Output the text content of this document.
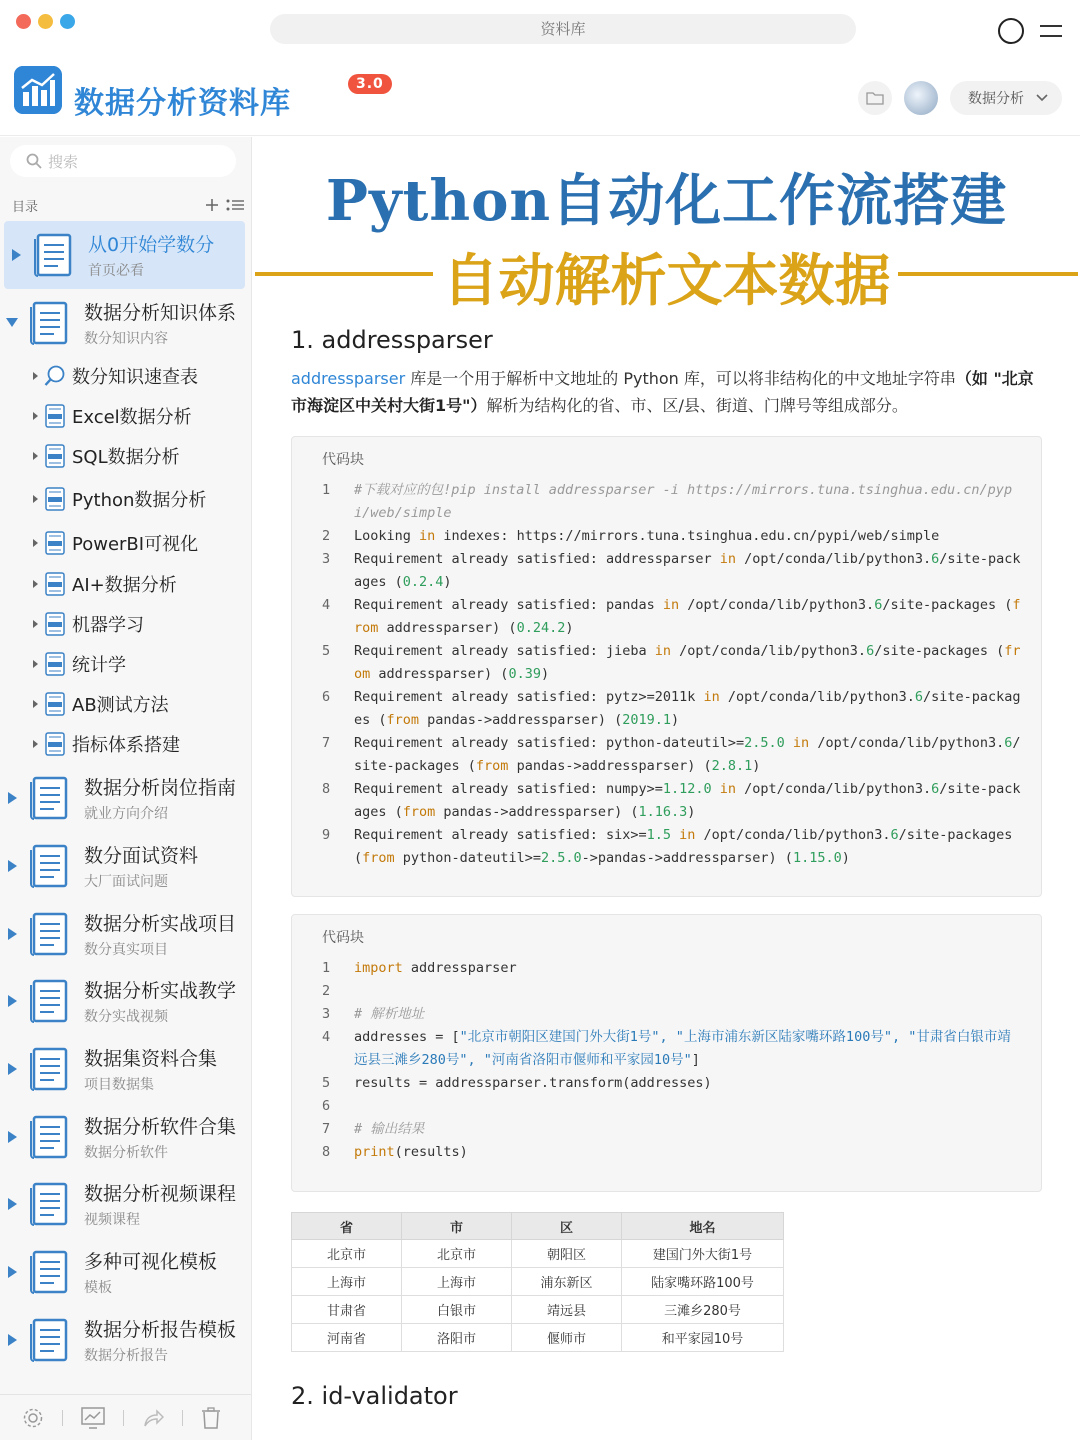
资料库
数据分析资料库
3.0
数据分析
搜索
目录
从0开始学数分
首页必看
数据分析知识体系
数分知识内容
数分知识速查表
Excel数据分析
SQL数据分析
Python数据分析
PowerBI可视化
AI+数据分析
机器学习
统计学
AB测试方法
指标体系搭建
数据分析岗位指南
就业方向介绍
数分面试资料
大厂面试问题
数据分析实战项目
数分真实项目
数据分析实战教学
数分实战视频
数据集资料合集
项目数据集
数据分析软件合集
数据分析软件
数据分析视频课程
视频课程
多种可视化模板
模板
数据分析报告模板
数据分析报告
Python自动化工作流搭建
自动解析文本数据
1. addressparser
addressparser 库是一个用于解析中文地址的 Python 库，可以将非结构化的中文地址字符串（如 "北京市海淀区中关村大街1号"）解析为结构化的省、市、区/县、街道、门牌号等组成部分。
代码块
1	#下载对应的包!pip install addressparser -i https://mirrors.tuna.tsinghua.edu.cn/pypi/web/simple
2	Looking in indexes: https://mirrors.tuna.tsinghua.edu.cn/pypi/web/simple
3	Requirement already satisfied: addressparser in /opt/conda/lib/python3.6/site-packages (0.2.4)
4	Requirement already satisfied: pandas in /opt/conda/lib/python3.6/site-packages (from addressparser) (0.24.2)
5	Requirement already satisfied: jieba in /opt/conda/lib/python3.6/site-packages (from addressparser) (0.39)
6	Requirement already satisfied: pytz>=2011k in /opt/conda/lib/python3.6/site-packages (from pandas->addressparser) (2019.1)
7	Requirement already satisfied: python-dateutil>=2.5.0 in /opt/conda/lib/python3.6/site-packages (from pandas->addressparser) (2.8.1)
8	Requirement already satisfied: numpy>=1.12.0 in /opt/conda/lib/python3.6/site-packages (from pandas->addressparser) (1.16.3)
9	Requirement already satisfied: six>=1.5 in /opt/conda/lib/python3.6/site-packages (from python-dateutil>=2.5.0->pandas->addressparser) (1.15.0)
代码块
1	import addressparser
2
3	# 解析地址
4	addresses = ["北京市朝阳区建国门外大街1号", "上海市浦东新区陆家嘴环路100号", "甘肃省白银市靖远县三滩乡280号", "河南省洛阳市偃师和平家园10号"]
5	results = addressparser.transform(addresses)
6
7	# 输出结果
8	print(results)
省	市	区	地名
北京市	北京市	朝阳区	建国门外大街1号
上海市	上海市	浦东新区	陆家嘴环路100号
甘肃省	白银市	靖远县	三滩乡280号
河南省	洛阳市	偃师市	和平家园10号
2. id-validator
